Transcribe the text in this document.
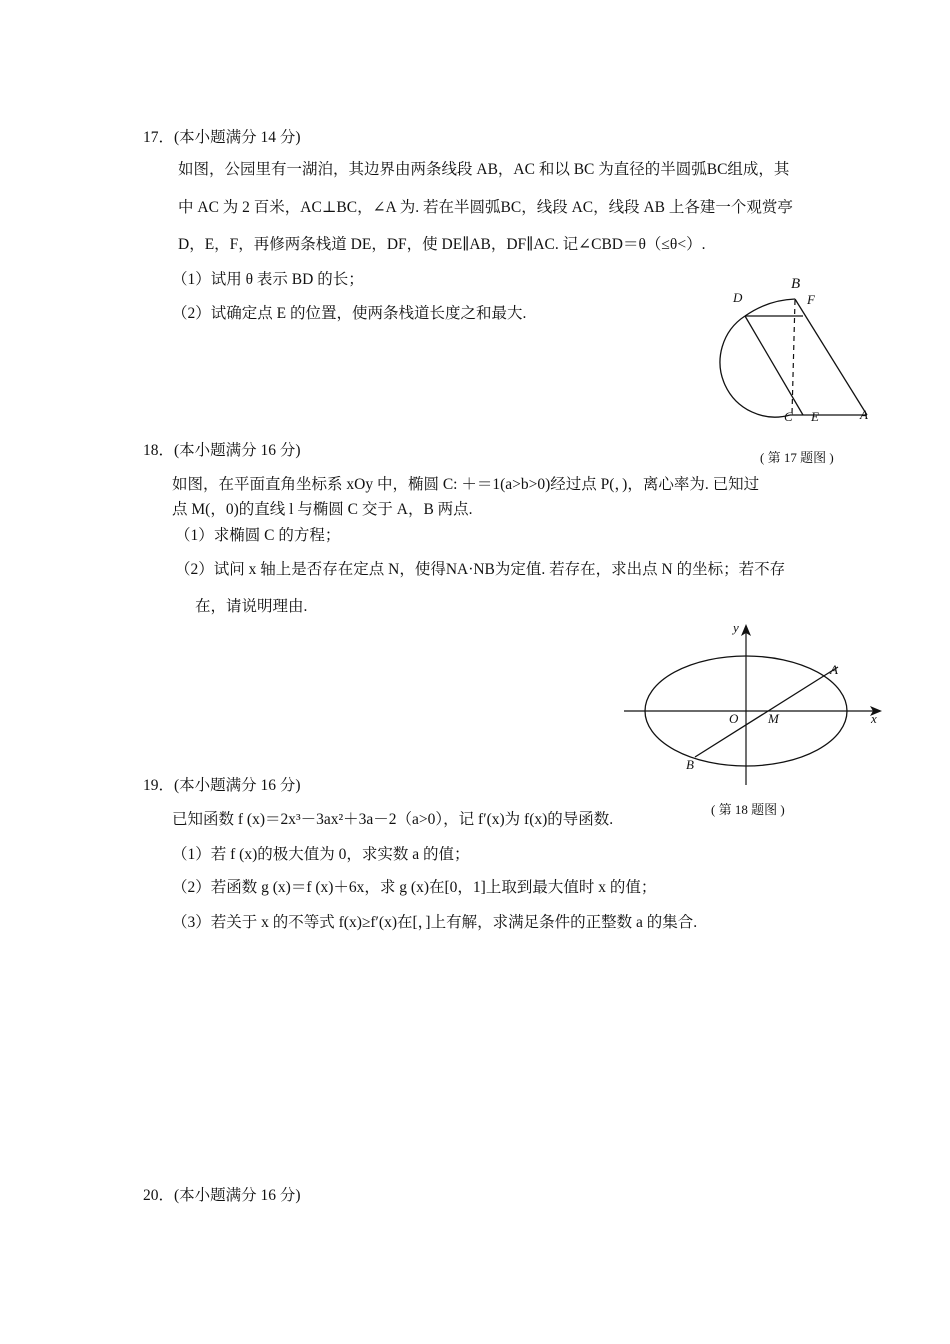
17．(本小题满分 14 分)
如图，公园里有一湖泊，其边界由两条线段 AB，AC 和以 BC 为直径的半圆弧BC组成，其
中 AC 为 2 百米，AC⊥BC，∠A 为. 若在半圆弧BC，线段 AC，线段 AB 上各建一个观赏亭
D，E，F，再修两条栈道 DE，DF，使 DE∥AB，DF∥AC. 记∠CBD＝θ（≤θ<）.
（1）试用 θ 表示 BD 的长；
（2）试确定点 E 的位置，使两条栈道长度之和最大.
B
D	F
C E	A
( 第 17 题图 )
18．(本小题满分 16 分)
如图，在平面直角坐标系 xOy 中，椭圆 C: ＋＝1(a>b>0)经过点 P(，)，离心率为. 已知过
点 M(，0)的直线 l 与椭圆 C 交于 A，B 两点.
（1）求椭圆 C 的方程；
（2）试问 x 轴上是否存在定点 N，使得NA·NB为定值. 若存在，求出点 N 的坐标；若不存
在，请说明理由.
y
x
O M
A
B
( 第 18 题图 )
19．(本小题满分 16 分)
已知函数 f (x)＝2x³－3ax²＋3a－2（a>0），记 f′(x)为 f(x)的导函数.
（1）若 f (x)的极大值为 0，求实数 a 的值；
（2）若函数 g (x)＝f (x)＋6x，求 g (x)在[0，1]上取到最大值时 x 的值；
（3）若关于 x 的不等式 f(x)≥f′(x)在[，]上有解，求满足条件的正整数 a 的集合.
20．(本小题满分 16 分)
